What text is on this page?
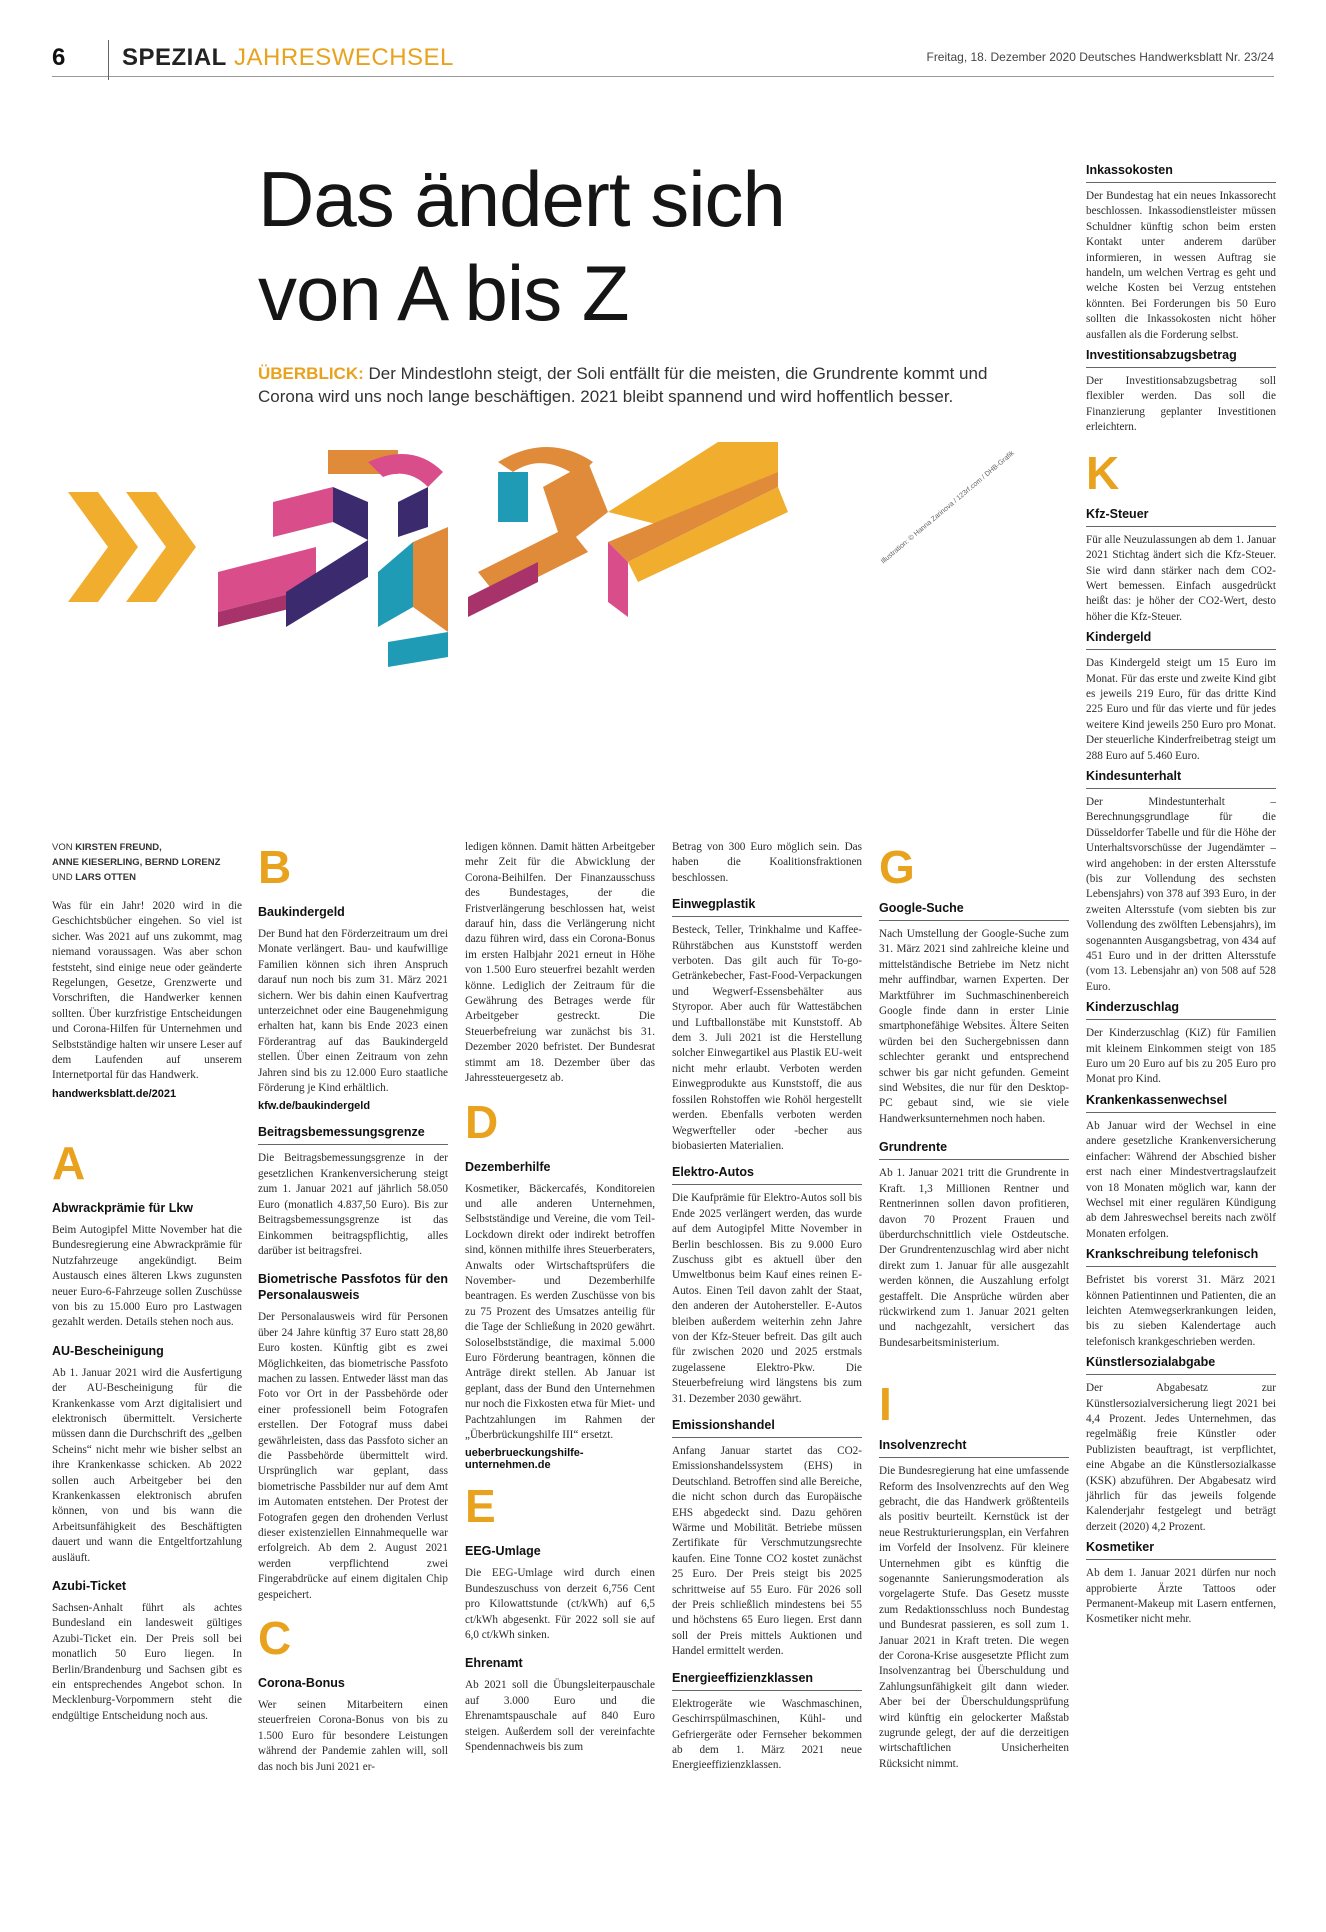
6 SPEZIAL JAHRESWECHSEL	Freitag, 18. Dezember 2020 Deutsches Handwerksblatt Nr. 23/24
Das ändert sich
von A bis Z
ÜBERBLICK: Der Mindestlohn steigt, der Soli entfällt für die meisten, die Grundrente kommt und Corona wird uns noch lange beschäftigen. 2021 bleibt spannend und wird hoffentlich besser.
Illustration: © Hanna Zarinova / 123rf.com / DHB-Grafik
VON KIRSTEN FREUND,
ANNE KIESERLING, BERND LORENZ
UND LARS OTTEN

Was für ein Jahr! 2020 wird in die Geschichtsbücher eingehen. So viel ist sicher. Was 2021 auf uns zukommt, mag niemand voraussagen. Was aber schon feststeht, sind einige neue oder geänderte Regelungen, Gesetze, Grenzwerte und Vorschriften, die Handwerker kennen sollten. Über kurzfristige Entscheidungen und Corona-Hilfen für Unternehmen und Selbstständige halten wir unsere Leser auf dem Laufenden auf unserem Internetportal für das Handwerk.

handwerksblatt.de/2021
A
Abwrackprämie für Lkw

Beim Autogipfel Mitte November hat die Bundesregierung eine Abwrackprämie für Nutzfahrzeuge angekündigt. Beim Austausch eines älteren Lkws zugunsten neuer Euro-6-Fahrzeuge sollen Zuschüsse von bis zu 15.000 Euro pro Lastwagen gezahlt werden. Details stehen noch aus.

AU-Bescheinigung

Ab 1. Januar 2021 wird die Ausfertigung der AU-Bescheinigung für die Krankenkasse vom Arzt digitalisiert und elektronisch übermittelt. Versicherte müssen dann die Durchschrift des „gelben Scheins“ nicht mehr wie bisher selbst an ihre Krankenkasse schicken. Ab 2022 sollen auch Arbeitgeber bei den Krankenkassen elektronisch abrufen können, von und bis wann die Arbeitsunfähigkeit des Beschäftigten dauert und wann die Entgeltfortzahlung ausläuft.

Azubi-Ticket

Sachsen-Anhalt führt als achtes Bundesland ein landesweit gültiges Azubi-Ticket ein. Der Preis soll bei monatlich 50 Euro liegen. In Berlin/Brandenburg und Sachsen gibt es ein entsprechendes Angebot schon. In Mecklenburg-Vorpommern steht die endgültige Entscheidung noch aus.

B
Baukindergeld

Der Bund hat den Förderzeitraum um drei Monate verlängert. Bau- und kaufwillige Familien können sich ihren Anspruch darauf nun noch bis zum 31. März 2021 sichern. Wer bis dahin einen Kaufvertrag unterzeichnet oder eine Baugenehmigung erhalten hat, kann bis Ende 2023 einen Förderantrag auf das Baukindergeld stellen. Über einen Zeitraum von zehn Jahren sind bis zu 12.000 Euro staatliche Förderung je Kind erhältlich.

kfw.de/baukindergeld
Beitragsbemessungsgrenze

Die Beitragsbemessungsgrenze in der gesetzlichen Krankenversicherung steigt zum 1. Januar 2021 auf jährlich 58.050 Euro (monatlich 4.837,50 Euro). Bis zur Beitragsbemessungsgrenze ist das Einkommen beitragspflichtig, alles darüber ist beitragsfrei.

Biometrische Passfotos für den Personalausweis

Der Personalausweis wird für Personen über 24 Jahre künftig 37 Euro statt 28,80 Euro kosten. Künftig gibt es zwei Möglichkeiten, das biometrische Passfoto machen zu lassen. Entweder lässt man das Foto vor Ort in der Passbehörde oder einer professionell beim Fotografen erstellen. Der Fotograf muss dabei gewährleisten, dass das Passfoto sicher an die Passbehörde übermittelt wird. Ursprünglich war geplant, dass biometrische Passbilder nur auf dem Amt im Automaten entstehen. Der Protest der Fotografen gegen den drohenden Verlust dieser existenziellen Einnahmequelle war erfolgreich. Ab dem 2. August 2021 werden verpflichtend zwei Fingerabdrücke auf einem digitalen Chip gespeichert.

C
Corona-Bonus

Wer seinen Mitarbeitern einen steuerfreien Corona-Bonus von bis zu 1.500 Euro für besondere Leistungen während der Pandemie zahlen will, soll das noch bis Juni 2021 er-

ledigen können. Damit hätten Arbeitgeber mehr Zeit für die Abwicklung der Corona-Beihilfen. Der Finanzausschuss des Bundestages, der die Fristverlängerung beschlossen hat, weist darauf hin, dass die Verlängerung nicht dazu führen wird, dass ein Corona-Bonus im ersten Halbjahr 2021 erneut in Höhe von 1.500 Euro steuerfrei bezahlt werden könne. Lediglich der Zeitraum für die Gewährung des Betrages werde für Arbeitgeber gestreckt. Die Steuerbefreiung war zunächst bis 31. Dezember 2020 befristet. Der Bundesrat stimmt am 18. Dezember über das Jahressteuergesetz ab.

D
Dezemberhilfe

Kosmetiker, Bäckercafés, Konditoreien und alle anderen Unternehmen, Selbstständige und Vereine, die vom Teil-Lockdown direkt oder indirekt betroffen sind, können mithilfe ihres Steuerberaters, Anwalts oder Wirtschaftsprüfers die November- und Dezemberhilfe beantragen. Es werden Zuschüsse von bis zu 75 Prozent des Umsatzes anteilig für die Tage der Schließung in 2020 gewährt. Soloselbstständige, die maximal 5.000 Euro Förderung beantragen, können die Anträge direkt stellen. Ab Januar ist geplant, dass der Bund den Unternehmen nur noch die Fixkosten etwa für Miet- und Pachtzahlungen im Rahmen der „Überbrückungshilfe III“ ersetzt.

ueberbrueckungshilfe-
unternehmen.de
E
EEG-Umlage

Die EEG-Umlage wird durch einen Bundeszuschuss von derzeit 6,756 Cent pro Kilowattstunde (ct/kWh) auf 6,5 ct/kWh abgesenkt. Für 2022 soll sie auf 6,0 ct/kWh sinken.

Ehrenamt

Ab 2021 soll die Übungsleiterpauschale auf 3.000 Euro und die Ehrenamtspauschale auf 840 Euro steigen. Außerdem soll der vereinfachte Spendennachweis bis zum

Betrag von 300 Euro möglich sein. Das haben die Koalitionsfraktionen beschlossen.

Einwegplastik

Besteck, Teller, Trinkhalme und Kaffee-Rührstäbchen aus Kunststoff werden verboten. Das gilt auch für To-go-Getränkebecher, Fast-Food-Verpackungen und Wegwerf-Essensbehälter aus Styropor. Aber auch für Wattestäbchen und Luftballonstäbe mit Kunststoff. Ab dem 3. Juli 2021 ist die Herstellung solcher Einwegartikel aus Plastik EU-weit nicht mehr erlaubt. Verboten werden Einwegprodukte aus Kunststoff, die aus fossilen Rohstoffen wie Rohöl hergestellt werden. Ebenfalls verboten werden Wegwerfteller oder -becher aus biobasierten Materialien.

Elektro-Autos

Die Kaufprämie für Elektro-Autos soll bis Ende 2025 verlängert werden, das wurde auf dem Autogipfel Mitte November in Berlin beschlossen. Bis zu 9.000 Euro Zuschuss gibt es aktuell über den Umweltbonus beim Kauf eines reinen E-Autos. Einen Teil davon zahlt der Staat, den anderen der Autohersteller. E-Autos bleiben außerdem weiterhin zehn Jahre von der Kfz-Steuer befreit. Das gilt auch für zwischen 2020 und 2025 erstmals zugelassene Elektro-Pkw. Die Steuerbefreiung wird längstens bis zum 31. Dezember 2030 gewährt.

Emissionshandel

Anfang Januar startet das CO2-Emissionshandelssystem (EHS) in Deutschland. Betroffen sind alle Bereiche, die nicht schon durch das Europäische EHS abgedeckt sind. Dazu gehören Wärme und Mobilität. Betriebe müssen Zertifikate für Verschmutzungsrechte kaufen. Eine Tonne CO2 kostet zunächst 25 Euro. Der Preis steigt bis 2025 schrittweise auf 55 Euro. Für 2026 soll der Preis schließlich mindestens bei 55 und höchstens 65 Euro liegen. Erst dann soll der Preis mittels Auktionen und Handel ermittelt werden.

Energieeffizienzklassen

Elektrogeräte wie Waschmaschinen, Geschirrspülmaschinen, Kühl- und Gefriergeräte oder Fernseher bekommen ab dem 1. März 2021 neue Energieeffizienzklassen.

G
Google-Suche

Nach Umstellung der Google-Suche zum 31. März 2021 sind zahlreiche kleine und mittelständische Betriebe im Netz nicht mehr auffindbar, warnen Experten. Der Marktführer im Suchmaschinenbereich Google finde dann in erster Linie smartphonefähige Websites. Ältere Seiten würden bei den Suchergebnissen dann schlechter gerankt und entsprechend schwer bis gar nicht gefunden. Gemeint sind Websites, die nur für den Desktop-PC gebaut sind, wie sie viele Handwerksunternehmen noch haben.

Grundrente

Ab 1. Januar 2021 tritt die Grundrente in Kraft. 1,3 Millionen Rentner und Rentnerinnen sollen davon profitieren, davon 70 Prozent Frauen und überdurchschnittlich viele Ostdeutsche. Der Grundrentenzuschlag wird aber nicht direkt zum 1. Januar für alle ausgezahlt werden können, die Auszahlung erfolgt gestaffelt. Die Ansprüche würden aber rückwirkend zum 1. Januar 2021 gelten und nachgezahlt, versichert das Bundesarbeitsministerium.

I
Insolvenzrecht

Die Bundesregierung hat eine umfassende Reform des Insolvenzrechts auf den Weg gebracht, die das Handwerk größtenteils als positiv beurteilt. Kernstück ist der neue Restrukturierungsplan, ein Verfahren im Vorfeld der Insolvenz. Für kleinere Unternehmen gibt es künftig die sogenannte Sanierungsmoderation als vorgelagerte Stufe. Das Gesetz musste zum Redaktionsschluss noch Bundestag und Bundesrat passieren, es soll zum 1. Januar 2021 in Kraft treten. Die wegen der Corona-Krise ausgesetzte Pflicht zum Insolvenzantrag bei Überschuldung und Zahlungsunfähigkeit gilt dann wieder. Aber bei der Überschuldungsprüfung wird künftig ein gelockerter Maßstab zugrunde gelegt, der auf die derzeitigen wirtschaftlichen Unsicherheiten Rücksicht nimmt.

Inkassokosten

Der Bundestag hat ein neues Inkassorecht beschlossen. Inkassodienstleister müssen Schuldner künftig schon beim ersten Kontakt unter anderem darüber informieren, in wessen Auftrag sie handeln, um welchen Vertrag es geht und welche Kosten bei Verzug entstehen könnten. Bei Forderungen bis 50 Euro sollten die Inkassokosten nicht höher ausfallen als die Forderung selbst.

Investitionsabzugsbetrag

Der Investitionsabzugsbetrag soll flexibler werden. Das soll die Finanzierung geplanter Investitionen erleichtern.

K
Kfz-Steuer

Für alle Neuzulassungen ab dem 1. Januar 2021 Stichtag ändert sich die Kfz-Steuer. Sie wird dann stärker nach dem CO2-Wert bemessen. Einfach ausgedrückt heißt das: je höher der CO2-Wert, desto höher die Kfz-Steuer.

Kindergeld

Das Kindergeld steigt um 15 Euro im Monat. Für das erste und zweite Kind gibt es jeweils 219 Euro, für das dritte Kind 225 Euro und für das vierte und für jedes weitere Kind jeweils 250 Euro pro Monat. Der steuerliche Kinderfreibetrag steigt um 288 Euro auf 5.460 Euro.

Kindesunterhalt

Der Mindestunterhalt – Berechnungsgrundlage für die Düsseldorfer Tabelle und für die Höhe der Unterhaltsvorschüsse der Jugendämter – wird angehoben: in der ersten Altersstufe (bis zur Vollendung des sechsten Lebensjahrs) von 378 auf 393 Euro, in der zweiten Altersstufe (vom siebten bis zur Vollendung des zwölften Lebensjahrs), im sogenannten Ausgangsbetrag, von 434 auf 451 Euro und in der dritten Altersstufe (vom 13. Lebensjahr an) von 508 auf 528 Euro.

Kinderzuschlag

Der Kinderzuschlag (KiZ) für Familien mit kleinem Einkommen steigt von 185 Euro um 20 Euro auf bis zu 205 Euro pro Monat pro Kind.

Krankenkassenwechsel

Ab Januar wird der Wechsel in eine andere gesetzliche Krankenversicherung einfacher: Während der Abschied bisher erst nach einer Mindestvertragslaufzeit von 18 Monaten möglich war, kann der Wechsel mit einer regulären Kündigung ab dem Jahreswechsel bereits nach zwölf Monaten erfolgen.

Krankschreibung telefonisch

Befristet bis vorerst 31. März 2021 können Patientinnen und Patienten, die an leichten Atemwegserkrankungen leiden, bis zu sieben Kalendertage auch telefonisch krankgeschrieben werden.

Künstlersozialabgabe

Der Abgabesatz zur Künstlersozialversicherung liegt 2021 bei 4,4 Prozent. Jedes Unternehmen, das regelmäßig freie Künstler oder Publizisten beauftragt, ist verpflichtet, eine Abgabe an die Künstlersozialkasse (KSK) abzuführen. Der Abgabesatz wird jährlich für das jeweils folgende Kalenderjahr festgelegt und beträgt derzeit (2020) 4,2 Prozent.

Kosmetiker

Ab dem 1. Januar 2021 dürfen nur noch approbierte Ärzte Tattoos oder Permanent-Makeup mit Lasern entfernen, Kosmetiker nicht mehr.
